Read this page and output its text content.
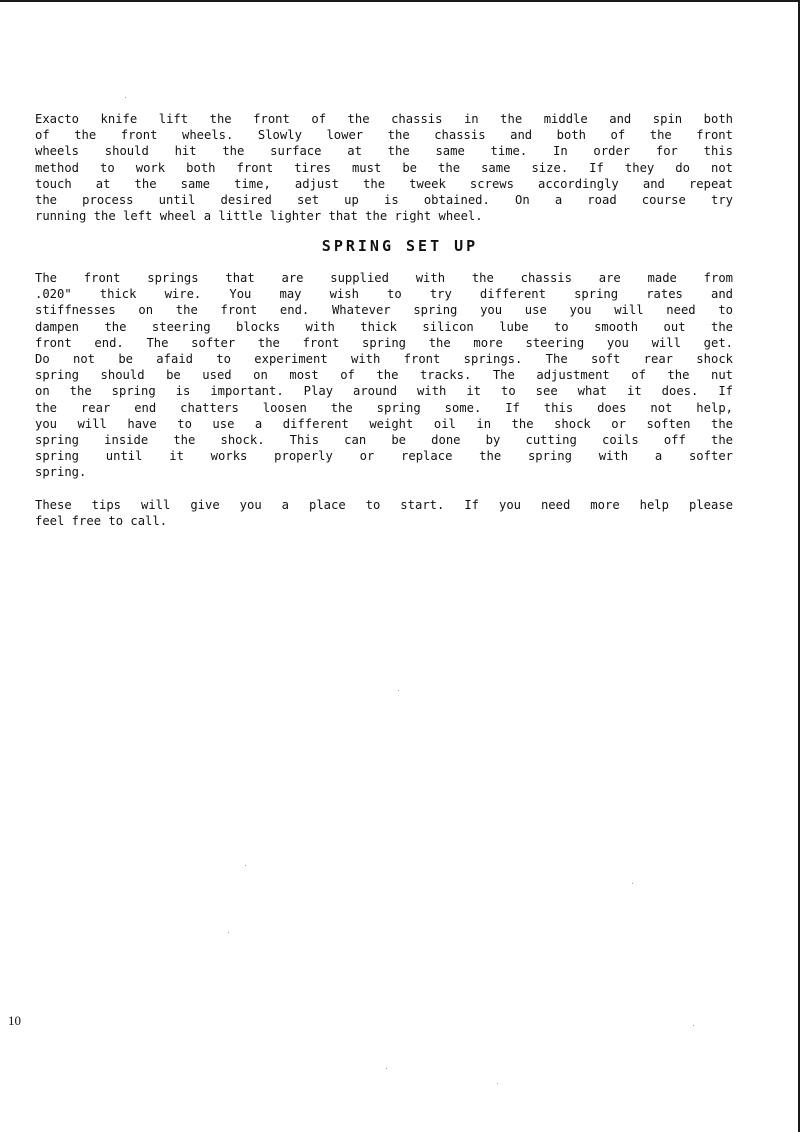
Exacto knife lift the front of the chassis in the middle and spin both
of the front wheels. Slowly lower the chassis and both of the front
wheels should hit the surface at the same time. In order for this
method to work both front tires must be the same size. If they do not
touch at the same time, adjust the tweek screws accordingly and repeat
the process until desired set up is obtained. On a road course try
running the left wheel a little lighter that the right wheel.
SPRING SET UP
The front springs that are supplied with the chassis are made from
.020" thick wire. You may wish to try different spring rates and
stiffnesses on the front end. Whatever spring you use you will need to
dampen the steering blocks with thick silicon lube to smooth out the
front end. The softer the front spring the more steering you will get.
Do not be afaid to experiment with front springs. The soft rear shock
spring should be used on most of the tracks. The adjustment of the nut
on the spring is important. Play around with it to see what it does. If
the rear end chatters loosen the spring some. If this does not help,
you will have to use a different weight oil in the shock or soften the
spring inside the shock. This can be done by cutting coils off the
spring until it works properly or replace the spring with a softer
spring.
These tips will give you a place to start. If you need more help please
feel free to call.

10
